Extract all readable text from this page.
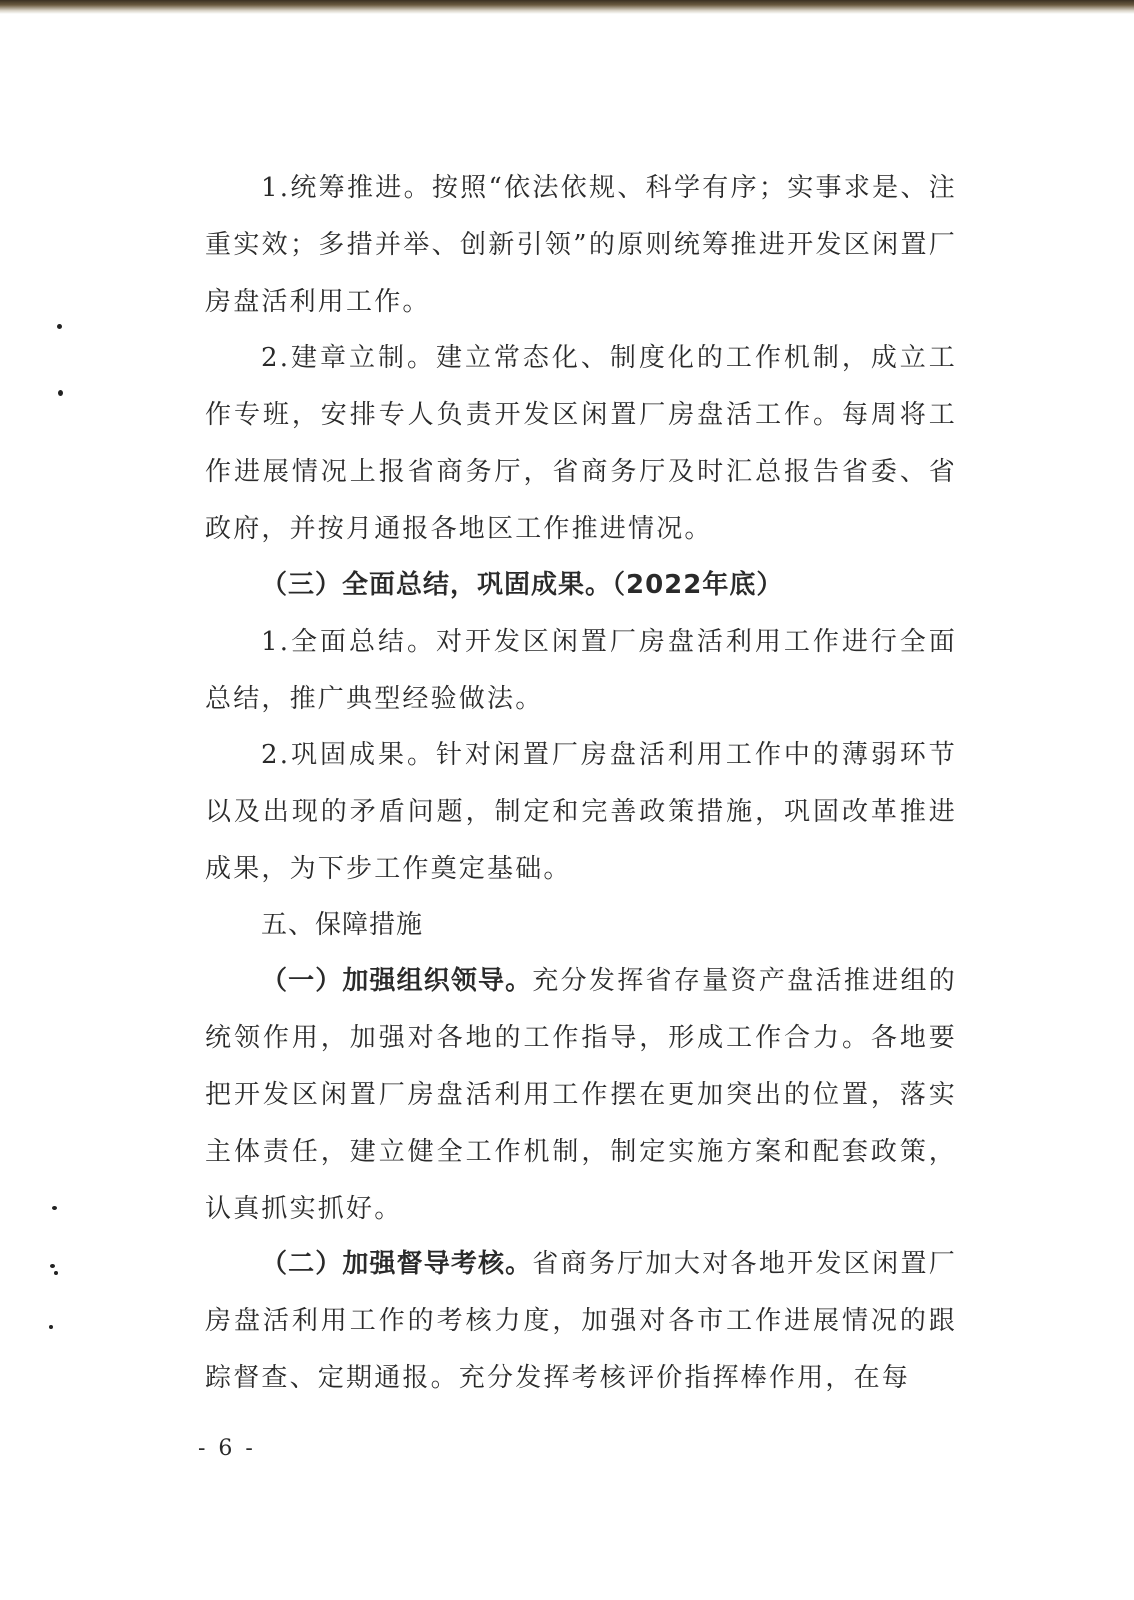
1.统筹推进。按照“依法依规、科学有序；实事求是、注重实效；多措并举、创新引领”的原则统筹推进开发区闲置厂房盘活利用工作。

2.建章立制。建立常态化、制度化的工作机制，成立工作专班，安排专人负责开发区闲置厂房盘活工作。每周将工作进展情况上报省商务厅，省商务厅及时汇总报告省委、省政府，并按月通报各地区工作推进情况。

（三）全面总结，巩固成果。（2022年底）

1.全面总结。对开发区闲置厂房盘活利用工作进行全面总结，推广典型经验做法。

2.巩固成果。针对闲置厂房盘活利用工作中的薄弱环节以及出现的矛盾问题，制定和完善政策措施，巩固改革推进成果，为下步工作奠定基础。

五、保障措施

（一）加强组织领导。充分发挥省存量资产盘活推进组的统领作用，加强对各地的工作指导，形成工作合力。各地要把开发区闲置厂房盘活利用工作摆在更加突出的位置，落实主体责任，建立健全工作机制，制定实施方案和配套政策，认真抓实抓好。

（二）加强督导考核。省商务厅加大对各地开发区闲置厂房盘活利用工作的考核力度，加强对各市工作进展情况的跟踪督查、定期通报。充分发挥考核评价指挥棒作用，在每

- 6 -
